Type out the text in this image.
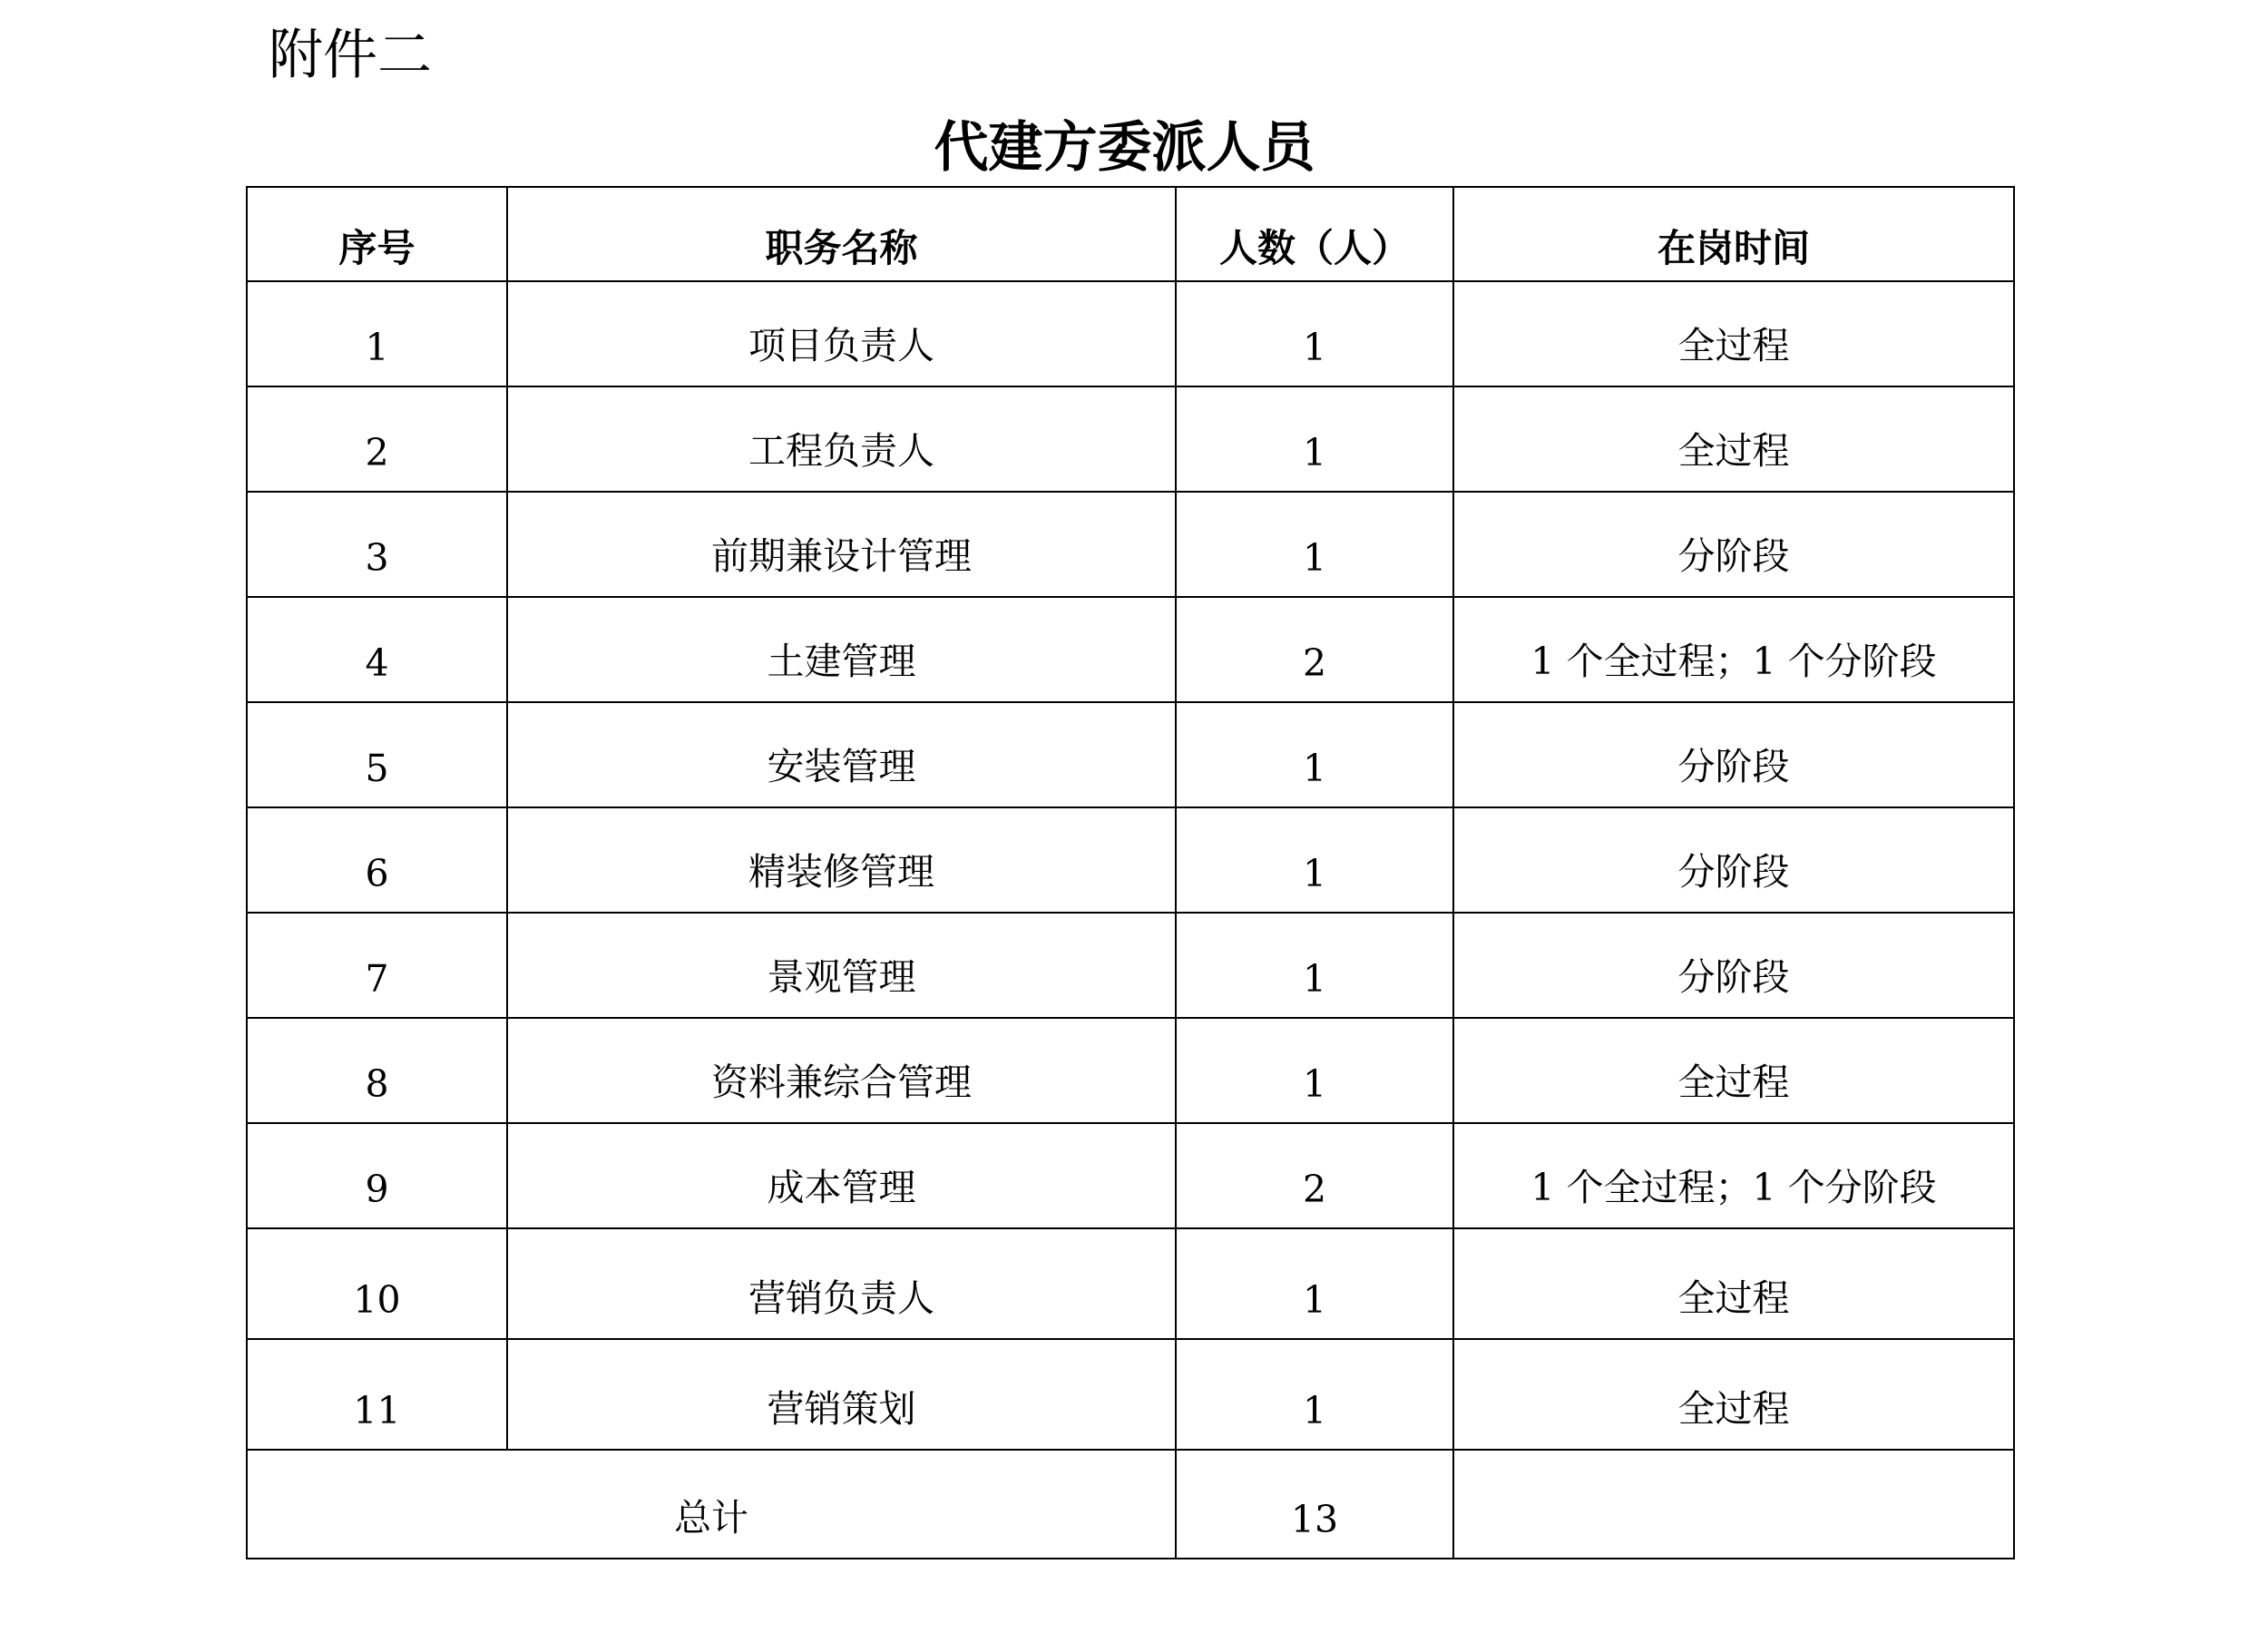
附件二
代建方委派人员
序号	职务名称	人数（人）	在岗时间
1	项目负责人	1	全过程
2	工程负责人	1	全过程
3	前期兼设计管理	1	分阶段
4	土建管理	2	1 个全过程；1 个分阶段
5	安装管理	1	分阶段
6	精装修管理	1	分阶段
7	景观管理	1	分阶段
8	资料兼综合管理	1	全过程
9	成本管理	2	1 个全过程；1 个分阶段
10	营销负责人	1	全过程
11	营销策划	1	全过程
总计		13	
